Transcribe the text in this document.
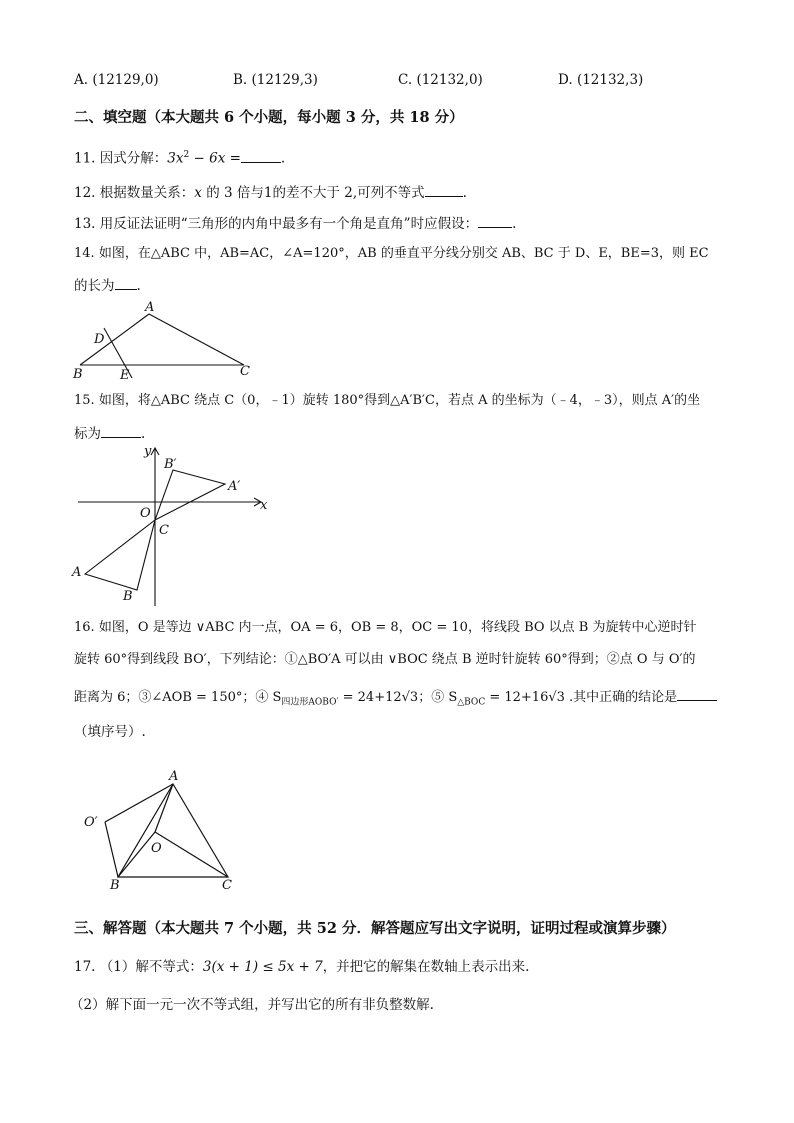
A. (12129,0)	B. (12129,3)	C. (12132,0)	D. (12132,3)
二、填空题（本大题共 6 个小题，每小题 3 分，共 18 分）
11. 因式分解：$3x^2 - 6x$ =	.
12. 根据数量关系：x 的 3 倍与1的差不大于 2,可列不等式	.
13. 用反证法证明“三角形的内角中最多有一个角是直角”时应假设：	.
14. 如图，在△ABC 中，AB=AC，∠A=120°，AB 的垂直平分线分别交 AB、BC 于 D、E，BE=3，则 EC
的长为 .
A
D
B	E	C
15. 如图，将△ABC 绕点 C（0，﹣1）旋转 180°得到△A′B′C，若点 A 的坐标为（﹣4，﹣3），则点 A′的坐
标为	.
y
x
O
C
A
B
A′
B′
16. 如图，O 是等边 ∨ABC 内一点，OA = 6，OB = 8，OC = 10，将线段 BO 以点 B 为旋转中心逆时针
旋转 60°得到线段 BO′，下列结论：①△BO′A 可以由 ∨BOC 绕点 B 逆时针旋转 60°得到；②点 O 与 O′的
距离为 6；③∠AOB = 150°；④ $S_{四边形AOBO'} = 24+12√3$；⑤ $S_{\triangle BOC} = 12+16√3$ .其中正确的结论是
（填序号）.
A
O′
O
B	C
三、解答题（本大题共 7 个小题，共 52 分．解答题应写出文字说明，证明过程或演算步骤）
17. （1）解不等式：3(x + 1) ≤ 5x + 7，并把它的解集在数轴上表示出来.
（2）解下面一元一次不等式组，并写出它的所有非负整数解.
